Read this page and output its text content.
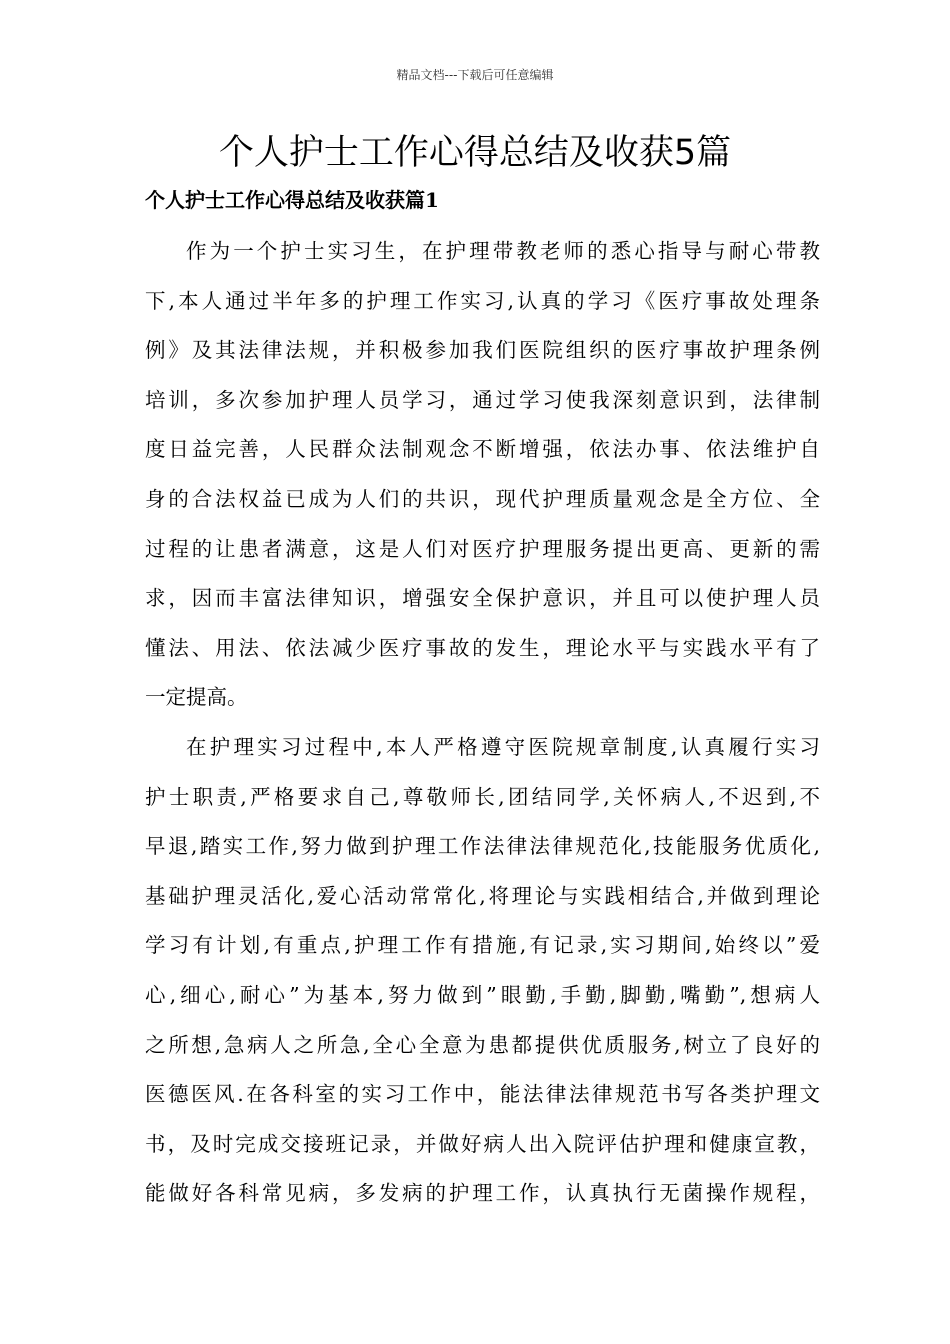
精品文档---下载后可任意编辑
个人护士工作心得总结及收获5篇
个人护士工作心得总结及收获篇1
作为一个护士实习生，在护理带教老师的悉心指导与耐心带教
下,本人通过半年多的护理工作实习,认真的学习《医疗事故处理条
例》及其法律法规，并积极参加我们医院组织的医疗事故护理条例
培训，多次参加护理人员学习，通过学习使我深刻意识到，法律制
度日益完善，人民群众法制观念不断增强，依法办事、依法维护自
身的合法权益已成为人们的共识，现代护理质量观念是全方位、全
过程的让患者满意，这是人们对医疗护理服务提出更高、更新的需
求，因而丰富法律知识，增强安全保护意识，并且可以使护理人员
懂法、用法、依法减少医疗事故的发生，理论水平与实践水平有了
一定提高。
在护理实习过程中,本人严格遵守医院规章制度,认真履行实习
护士职责,严格要求自己,尊敬师长,团结同学,关怀病人,不迟到,不
早退,踏实工作,努力做到护理工作法律法律规范化,技能服务优质化,
基础护理灵活化,爱心活动常常化,将理论与实践相结合,并做到理论
学习有计划,有重点,护理工作有措施,有记录,实习期间,始终以”爱
心,细心,耐心”为基本,努力做到”眼勤,手勤,脚勤,嘴勤”,想病人
之所想,急病人之所急,全心全意为患都提供优质服务,树立了良好的
医德医风.在各科室的实习工作中，能法律法律规范书写各类护理文
书，及时完成交接班记录，并做好病人出入院评估护理和健康宣教，
能做好各科常见病，多发病的护理工作，认真执行无菌操作规程，
